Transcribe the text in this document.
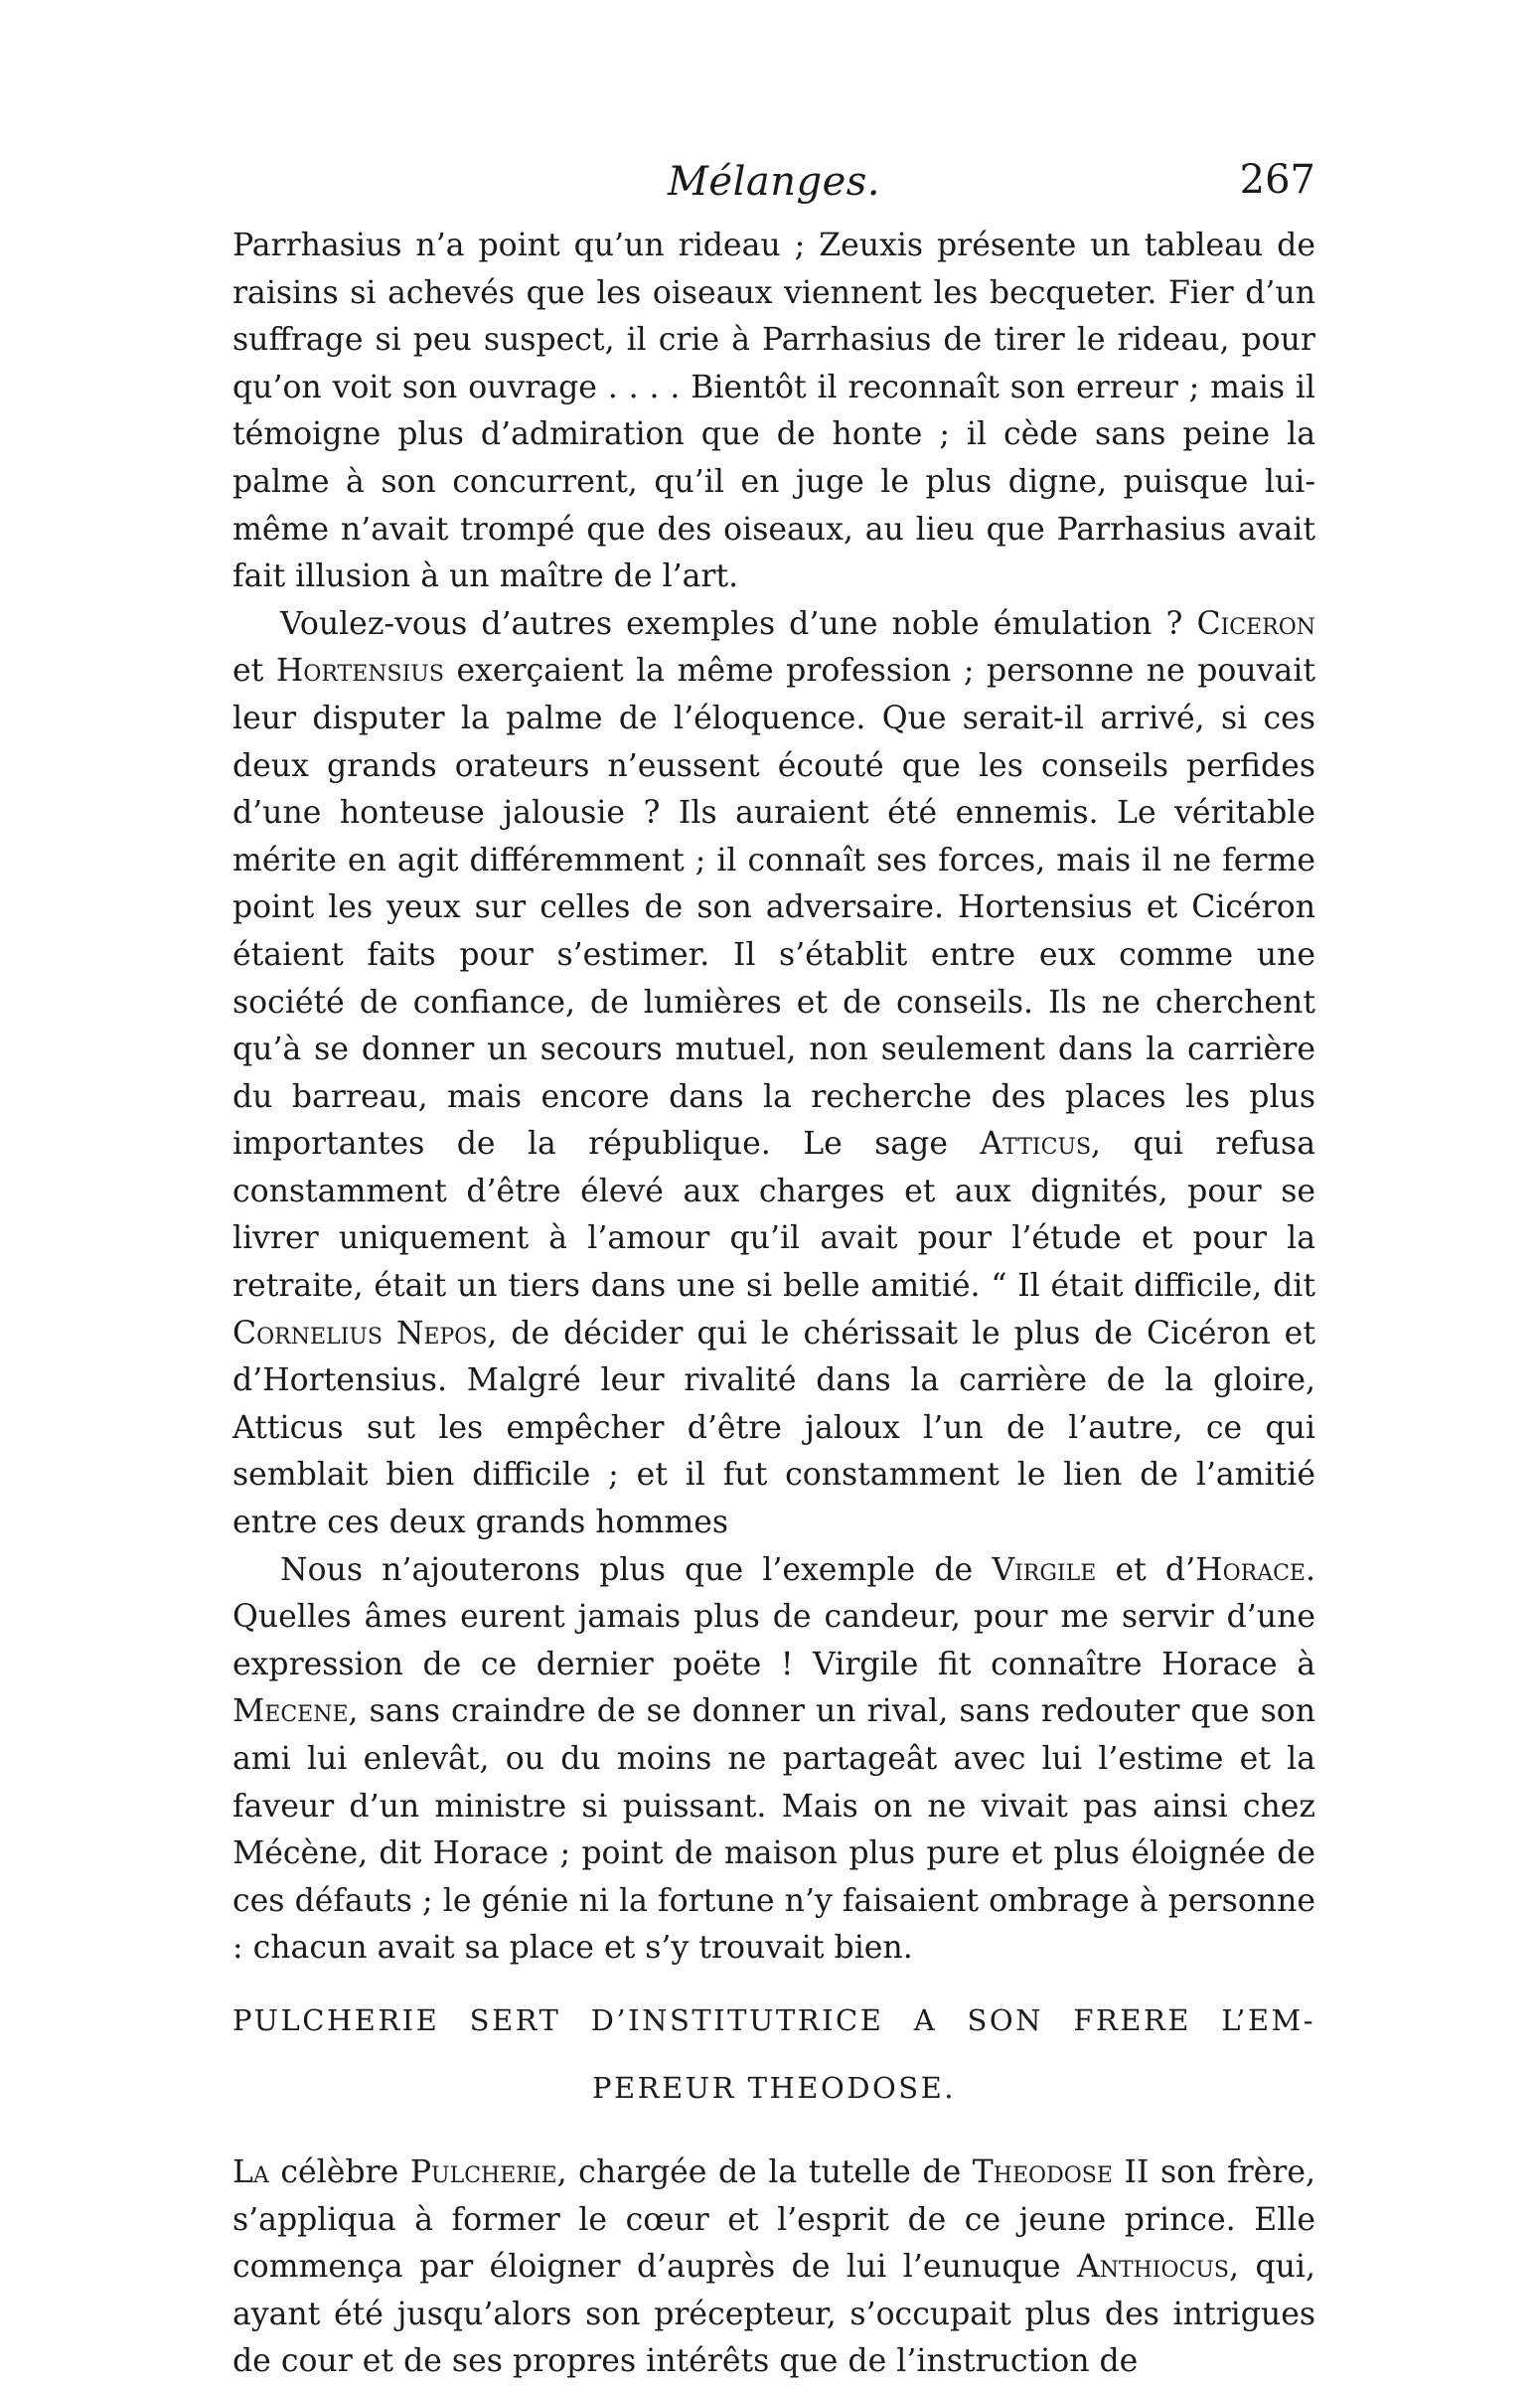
Mélanges.	267

Parrhasius n’a point qu’un rideau ; Zeuxis présente un tableau de raisins si achevés que les oiseaux viennent les becqueter. Fier d’un suffrage si peu suspect, il crie à Parrhasius de tirer le rideau, pour qu’on voit son ouvrage . . . . Bientôt il reconnaît son erreur ; mais il témoigne plus d’admiration que de honte ; il cède sans peine la palme à son concurrent, qu’il en juge le plus digne, puisque lui-même n’avait trompé que des oiseaux, au lieu que Parrhasius avait fait illusion à un maître de l’art.

Voulez-vous d’autres exemples d’une noble émulation ? Ciceron et Hortensius exerçaient la même profession ; personne ne pouvait leur disputer la palme de l’éloquence. Que serait-il arrivé, si ces deux grands orateurs n’eussent écouté que les conseils perfides d’une honteuse jalousie ? Ils auraient été ennemis. Le véritable mérite en agit différemment ; il connaît ses forces, mais il ne ferme point les yeux sur celles de son adversaire. Hortensius et Cicéron étaient faits pour s’estimer. Il s’établit entre eux comme une société de confiance, de lumières et de conseils. Ils ne cherchent qu’à se donner un secours mutuel, non seulement dans la carrière du barreau, mais encore dans la recherche des places les plus importantes de la république. Le sage Atticus, qui refusa constamment d’être élevé aux charges et aux dignités, pour se livrer uniquement à l’amour qu’il avait pour l’étude et pour la retraite, était un tiers dans une si belle amitié. “ Il était difficile, dit Cornelius Nepos, de décider qui le chérissait le plus de Cicéron et d’Hortensius. Malgré leur rivalité dans la carrière de la gloire, Atticus sut les empêcher d’être jaloux l’un de l’autre, ce qui semblait bien difficile ; et il fut constamment le lien de l’amitié entre ces deux grands hommes

Nous n’ajouterons plus que l’exemple de Virgile et d’Horace. Quelles âmes eurent jamais plus de candeur, pour me servir d’une expression de ce dernier poëte ! Virgile fit connaître Horace à Mecene, sans craindre de se donner un rival, sans redouter que son ami lui enlevât, ou du moins ne partageât avec lui l’estime et la faveur d’un ministre si puissant. Mais on ne vivait pas ainsi chez Mécène, dit Horace ; point de maison plus pure et plus éloignée de ces défauts ; le génie ni la fortune n’y faisaient ombrage à personne : chacun avait sa place et s’y trouvait bien.

PULCHERIE SERT D’INSTITUTRICE A SON FRERE L’EM-
PEREUR THEODOSE.

La célèbre Pulcherie, chargée de la tutelle de Theodose II son frère, s’appliqua à former le cœur et l’esprit de ce jeune prince. Elle commença par éloigner d’auprès de lui l’eunuque Anthiocus, qui, ayant été jusqu’alors son précepteur, s’occupait plus des intrigues de cour et de ses propres intérêts que de l’instruction de
